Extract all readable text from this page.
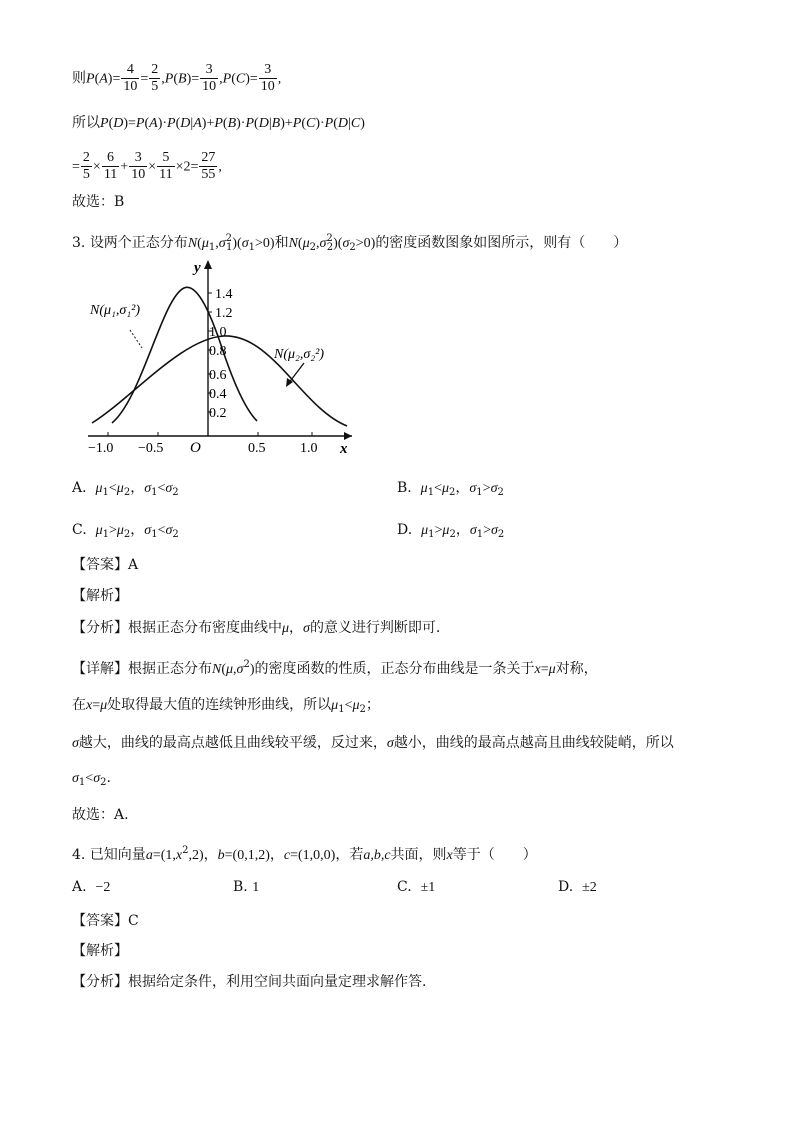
则$P(A)= \frac{4}{10} = \frac{2}{5} ,P(B)= \frac{3}{10} ,P(C)= \frac{3}{10}$ ,
所以P(D)=P(A)·P(D|A)+P(B)·P(D|B)+P(C)·P(D|C)
= $\frac{2}{5} \times \frac{6}{11} + \frac{3}{10} \times \frac{5}{11} \times 2= \frac{27}{55}$ ,
故选：B
3. 设两个正态分布$N(\mu_1,\sigma^2_1)(\sigma_1>0)$和$N(\mu_2,\sigma^2_2)(\sigma_2>0)$的密度函数图象如图所示，则有（　　）
N(μ₁,σ₁²)
N(μ₂,σ₂²)
y
x
O
1.4
1.2
1.0
0.8
0.6
0.4
0.2
−1.0 −0.5	0.5 1.0
A. $\mu_1<\mu_2$，$\sigma_1<\sigma_2$	B. $\mu_1<\mu_2$，$\sigma_1>\sigma_2$
C. $\mu_1>\mu_2$，$\sigma_1<\sigma_2$	D. $\mu_1>\mu_2$，$\sigma_1>\sigma_2$
【答案】A
【解析】
【分析】根据正态分布密度曲线中μ，σ的意义进行判断即可.
【详解】根据正态分布$N(\mu,\sigma^2)$的密度函数的性质，正态分布曲线是一条关于x=μ对称，
在x=μ处取得最大值的连续钟形曲线，所以$\mu_1<\mu_2$；
σ越大，曲线的最高点越低且曲线较平缓，反过来，σ越小，曲线的最高点越高且曲线较陡峭，所以
$\sigma_1<\sigma_2$.
故选：A.
4. 已知向量$a=(1,x^2,2)$，b=(0,1,2)，c=(1,0,0)，若a,b,c共面，则x等于（　　）
A. −2	B. 1	C. ±1	D. ±2
【答案】C
【解析】
【分析】根据给定条件，利用空间共面向量定理求解作答.
